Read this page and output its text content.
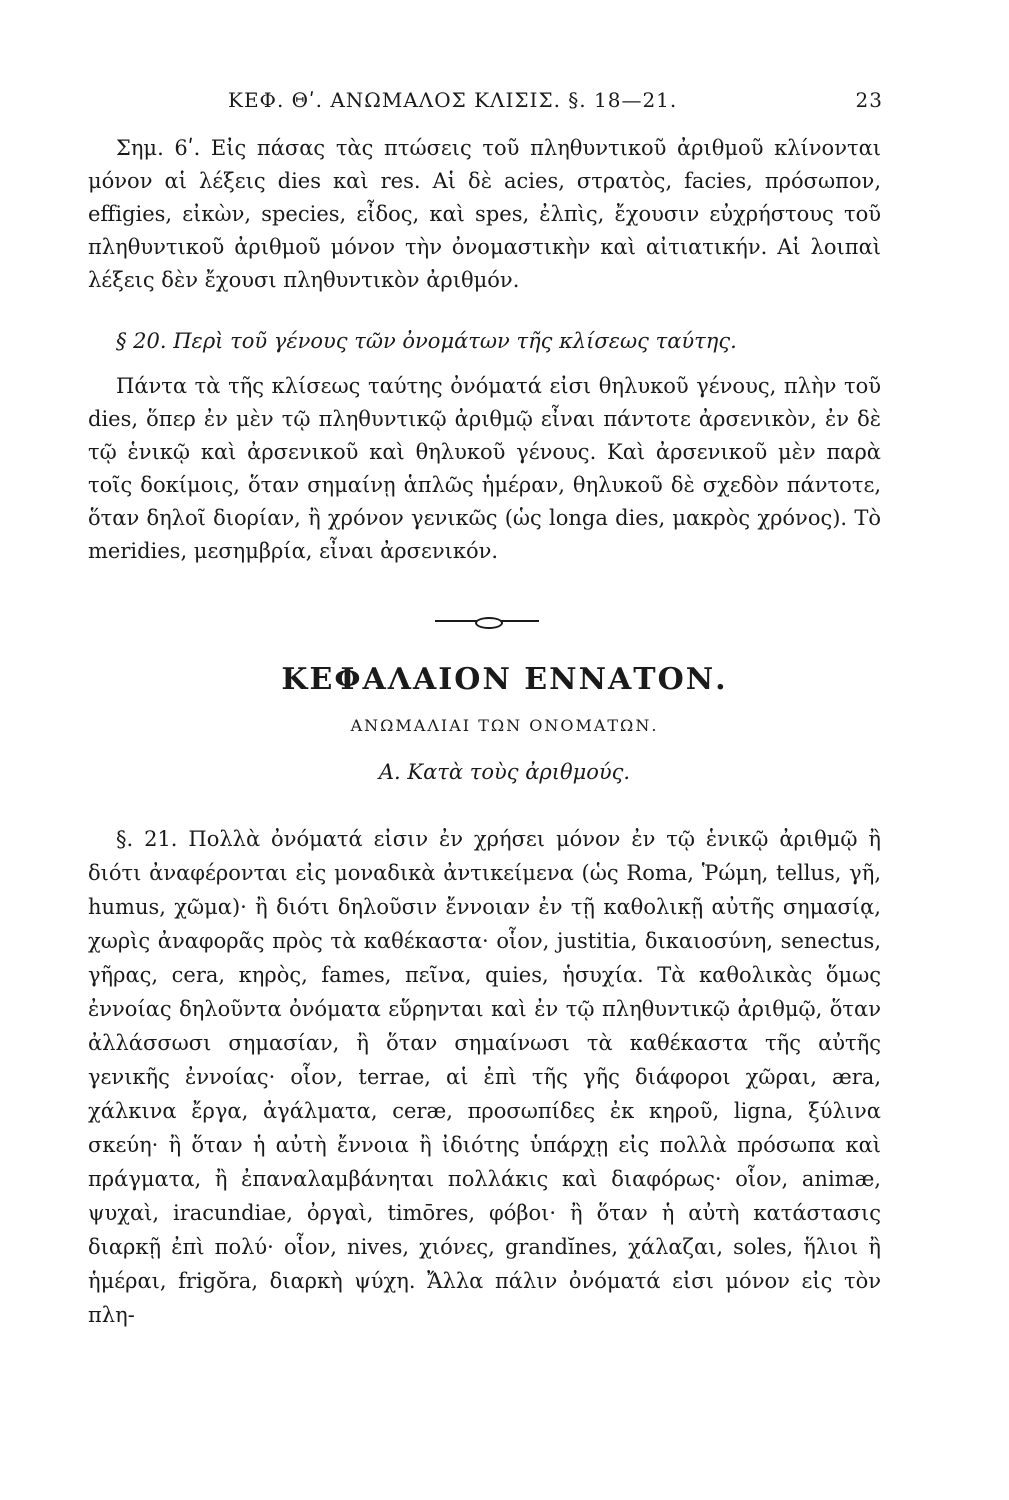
ΚΕΦ. Θʹ. ΑΝΩΜΑΛΟΣ ΚΛΙΣΙΣ. §. 18—21.	23

Σημ. 6ʹ. Εἰς πάσας τὰς πτώσεις τοῦ πληθυντικοῦ ἀριθμοῦ κλίνονται μόνον αἱ λέξεις dies καὶ res. Αἱ δὲ acies, στρατὸς, facies, πρόσωπον, effigies, εἰκὼν, species, εἶδος, καὶ spes, ἐλπὶς, ἔχουσιν εὐχρήστους τοῦ πληθυντικοῦ ἀριθμοῦ μόνον τὴν ὀνομαστικὴν καὶ αἰτιατικήν. Αἱ λοιπαὶ λέξεις δὲν ἔχουσι πληθυντικὸν ἀριθμόν.

§ 20. Περὶ τοῦ γένους τῶν ὀνομάτων τῆς κλίσεως ταύτης.

Πάντα τὰ τῆς κλίσεως ταύτης ὀνόματά εἰσι θηλυκοῦ γένους, πλὴν τοῦ dies, ὅπερ ἐν μὲν τῷ πληθυντικῷ ἀριθμῷ εἶναι πάντοτε ἀρσενικὸν, ἐν δὲ τῷ ἑνικῷ καὶ ἀρσενικοῦ καὶ θηλυκοῦ γένους. Καὶ ἀρσενικοῦ μὲν παρὰ τοῖς δοκίμοις, ὅταν σημαίνῃ ἁπλῶς ἡμέραν, θηλυκοῦ δὲ σχεδὸν πάντοτε, ὅταν δηλοῖ διορίαν, ἢ χρόνον γενικῶς (ὡς longa dies, μακρὸς χρόνος). Τὸ meridies, μεσημβρία, εἶναι ἀρσενικόν.

ΚΕΦΑΛΑΙΟΝ ΕΝΝΑΤΟΝ.
ΑΝΩΜΑΛΙΑΙ ΤΩΝ ΟΝΟΜΑΤΩΝ.
Α. Κατὰ τοὺς ἀριθμούς.

§. 21. Πολλὰ ὀνόματά εἰσιν ἐν χρήσει μόνον ἐν τῷ ἑνικῷ ἀριθμῷ ἢ διότι ἀναφέρονται εἰς μοναδικὰ ἀντικείμενα (ὡς Roma, Ῥώμη, tellus, γῆ, humus, χῶμα)· ἢ διότι δηλοῦσιν ἔννοιαν ἐν τῇ καθολικῇ αὐτῆς σημασίᾳ, χωρὶς ἀναφορᾶς πρὸς τὰ καθέκαστα· οἷον, justitia, δικαιοσύνη, senectus, γῆρας, cera, κηρὸς, fames, πεῖνα, quies, ἡσυχία. Τὰ καθολικὰς ὅμως ἐννοίας δηλοῦντα ὀνόματα εὕρηνται καὶ ἐν τῷ πληθυντικῷ ἀριθμῷ, ὅταν ἀλλάσσωσι σημασίαν, ἢ ὅταν σημαίνωσι τὰ καθέκαστα τῆς αὐτῆς γενικῆς ἐννοίας· οἷον, terrae, αἱ ἐπὶ τῆς γῆς διάφοροι χῶραι, æra, χάλκινα ἔργα, ἀγάλματα, ceræ, προσωπίδες ἐκ κηροῦ, ligna, ξύλινα σκεύη· ἢ ὅταν ἡ αὐτὴ ἔννοια ἢ ἰδιότης ὑπάρχῃ εἰς πολλὰ πρόσωπα καὶ πράγματα, ἢ ἐπαναλαμβάνηται πολλάκις καὶ διαφόρως· οἷον, animæ, ψυχαὶ, iracundiae, ὀργαὶ, timōres, φόβοι· ἢ ὅταν ἡ αὐτὴ κατάστασις διαρκῇ ἐπὶ πολύ· οἷον, nives, χιόνες, grandĭnes, χάλαζαι, soles, ἥλιοι ἢ ἡμέραι, frigŏra, διαρκὴ ψύχη. Ἄλλα πάλιν ὀνόματά εἰσι μόνον εἰς τὸν πλη-
